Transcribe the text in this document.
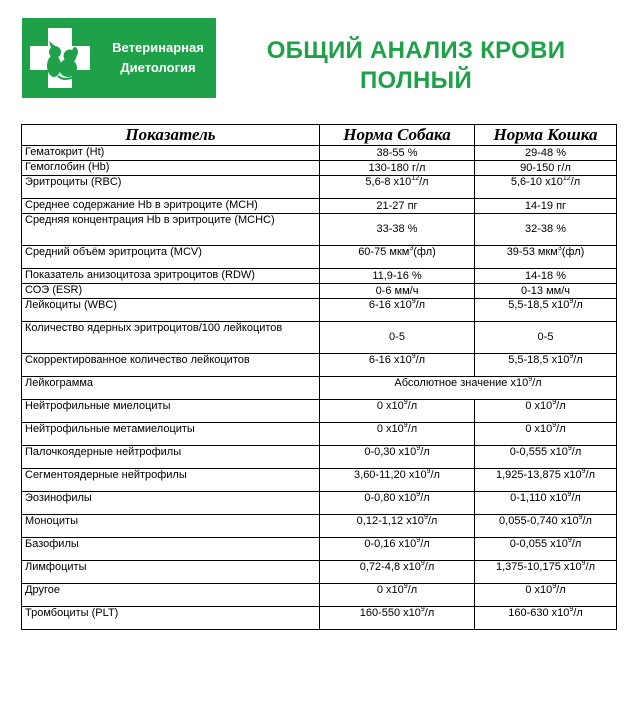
Ветеринарная
Диетология
ОБЩИЙ АНАЛИЗ КРОВИ
ПОЛНЫЙ
Показатель	Норма Собака	Норма Кошка
Гематокрит (Ht)	38-55 %	29-48 %
Гемоглобин (Hb)	130-180 г/л	90-150 г/л
Эритроциты (RBC)	5,6-8 $x10^{12}/л$	5,6-10 $x10^{12}/л$
Среднее содержание Hb в эритроците (MCH)	21-27 пг	14-19 пг
Средняя концентрация Hb в эритроците (MCHC)	33-38 %	32-38 %
Средний объём эритроцита (MCV)	60-75 мкм$^3$(фл)	39-53 мкм$^3$(фл)
Показатель анизоцитоза эритроцитов (RDW)	11,9-16 %	14-18 %
СОЭ (ESR)	0-6 мм/ч	0-13 мм/ч
Лейкоциты (WBC)	6-16 $x10^9/л$	5,5-18,5 $x10^9/л$
Количество ядерных эритроцитов/100 лейкоцитов	0-5	0-5
Скорректированное количество лейкоцитов	6-16 $x10^9/л$	5,5-18,5 $x10^9/л$
Лейкограмма	Абсолютное значение $x10^9/л$	
Нейтрофильные миелоциты	0 $x10^9/л$	0 $x10^9/л$
Нейтрофильные метамиелоциты	0 $x10^9/л$	0 $x10^9/л$
Палочкоядерные нейтрофилы	0-0,30 $x10^9/л$	0-0,555 $x10^9/л$
Сегментоядерные нейтрофилы	3,60-11,20 $x10^9/л$	1,925-13,875 $x10^9/л$
Эозинофилы	0-0,80 $x10^9/л$	0-1,110 $x10^9/л$
Моноциты	0,12-1,12 $x10^9/л$	0,055-0,740 $x10^9/л$
Базофилы	0-0,16 $x10^9/л$	0-0,055 $x10^9/л$
Лимфоциты	0,72-4,8 $x10^9/л$	1,375-10,175 $x10^9/л$
Другое	0 $x10^9/л$	0 $x10^9/л$
Тромбоциты (PLT)	160-550 $x10^9/л$	160-630 $x10^9/л$
